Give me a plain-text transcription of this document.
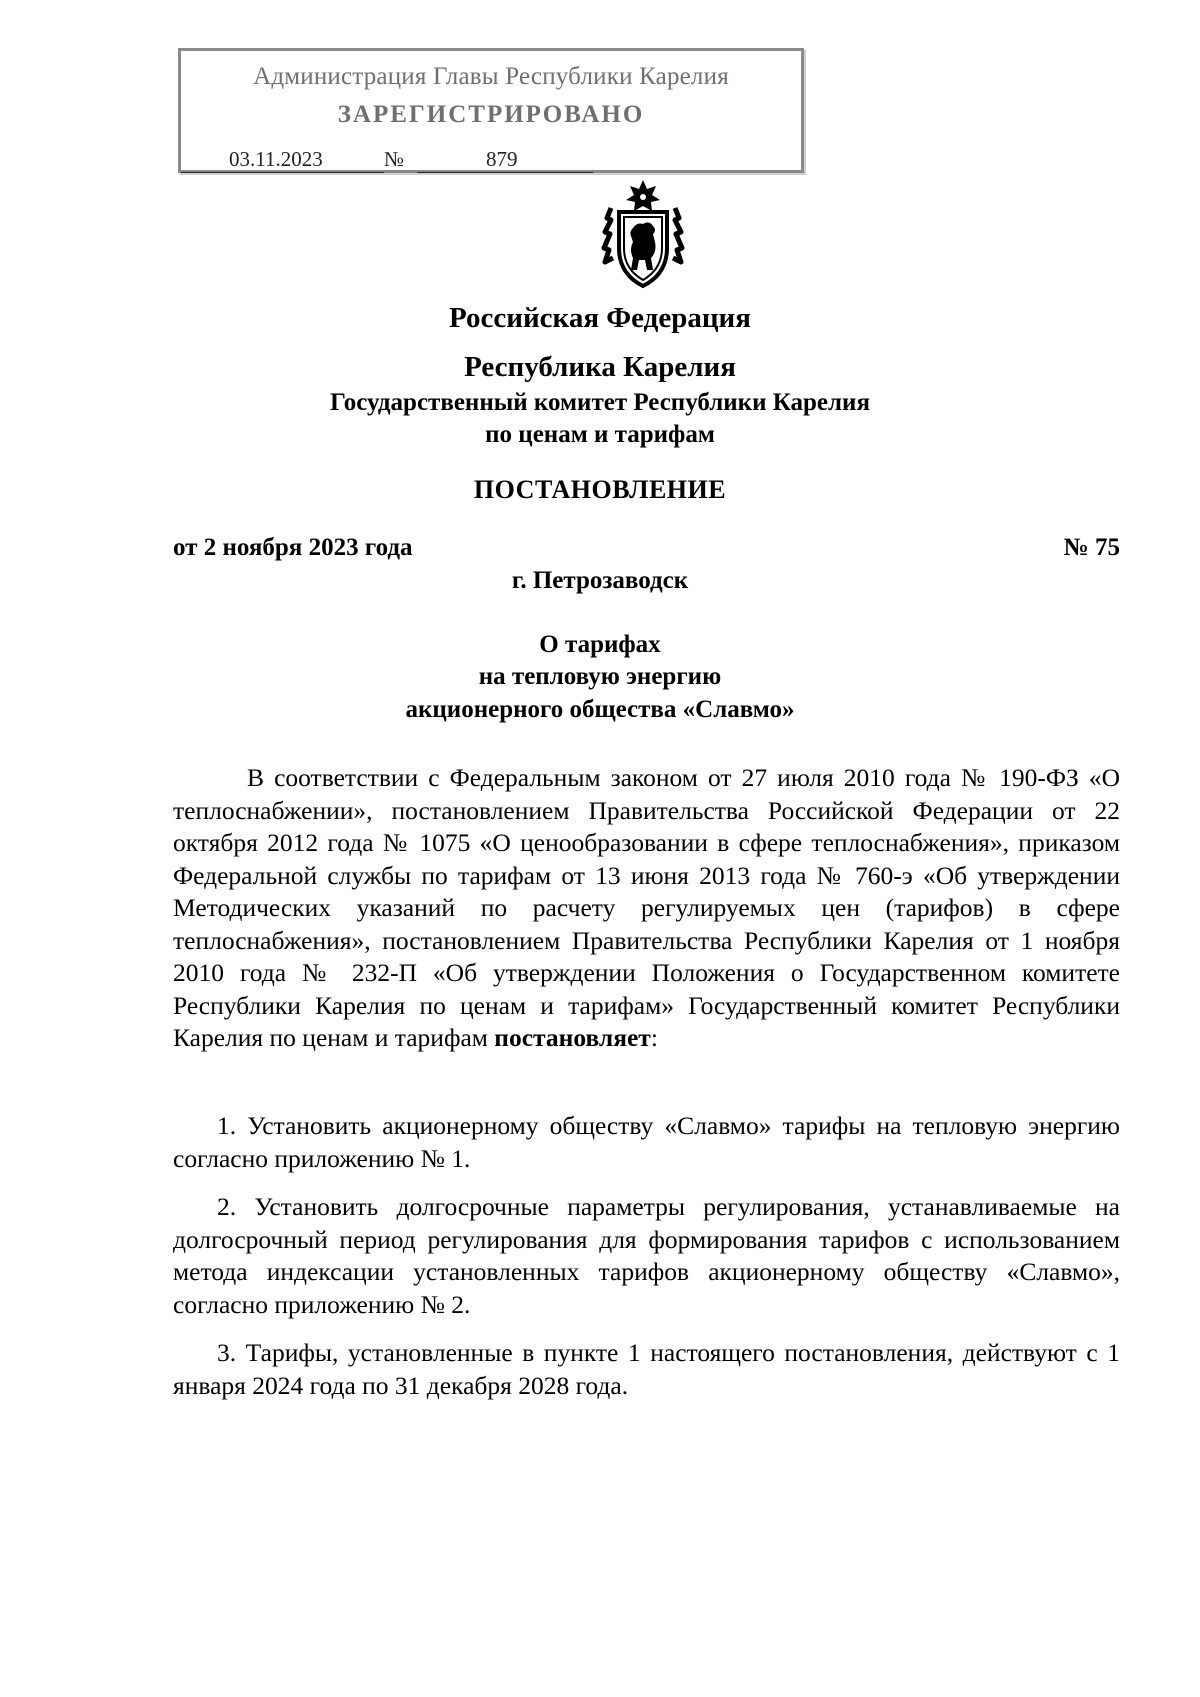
Администрация Главы Республики Карелия
ЗАРЕГИСТРИРОВАНО
03.11.2023	№	879
Российская Федерация
Республика Карелия
Государственный комитет Республики Карелия
по ценам и тарифам
ПОСТАНОВЛЕНИЕ
от 2 ноября 2023 года	№ 75
г. Петрозаводск
О тарифах
на тепловую энергию
акционерного общества «Славмо»

В соответствии с Федеральным законом от 27 июля 2010 года № 190-ФЗ «О теплоснабжении», постановлением Правительства Российской Федерации от 22 октября 2012 года № 1075 «О ценообразовании в сфере теплоснабжения», приказом Федеральной службы по тарифам от 13 июня 2013 года № 760-э «Об утверждении Методических указаний по расчету регулируемых цен (тарифов) в сфере теплоснабжения», постановлением Правительства Республики Карелия от 1 ноября 2010 года № 232-П «Об утверждении Положения о Государственном комитете Республики Карелия по ценам и тарифам» Государственный комитет Республики Карелия по ценам и тарифам постановляет:

1. Установить акционерному обществу «Славмо» тарифы на тепловую энергию согласно приложению № 1.

2. Установить долгосрочные параметры регулирования, устанавливаемые на долгосрочный период регулирования для формирования тарифов с использованием метода индексации установленных тарифов акционерному обществу «Славмо», согласно приложению № 2.

3. Тарифы, установленные в пункте 1 настоящего постановления, действуют с 1 января 2024 года по 31 декабря 2028 года.
